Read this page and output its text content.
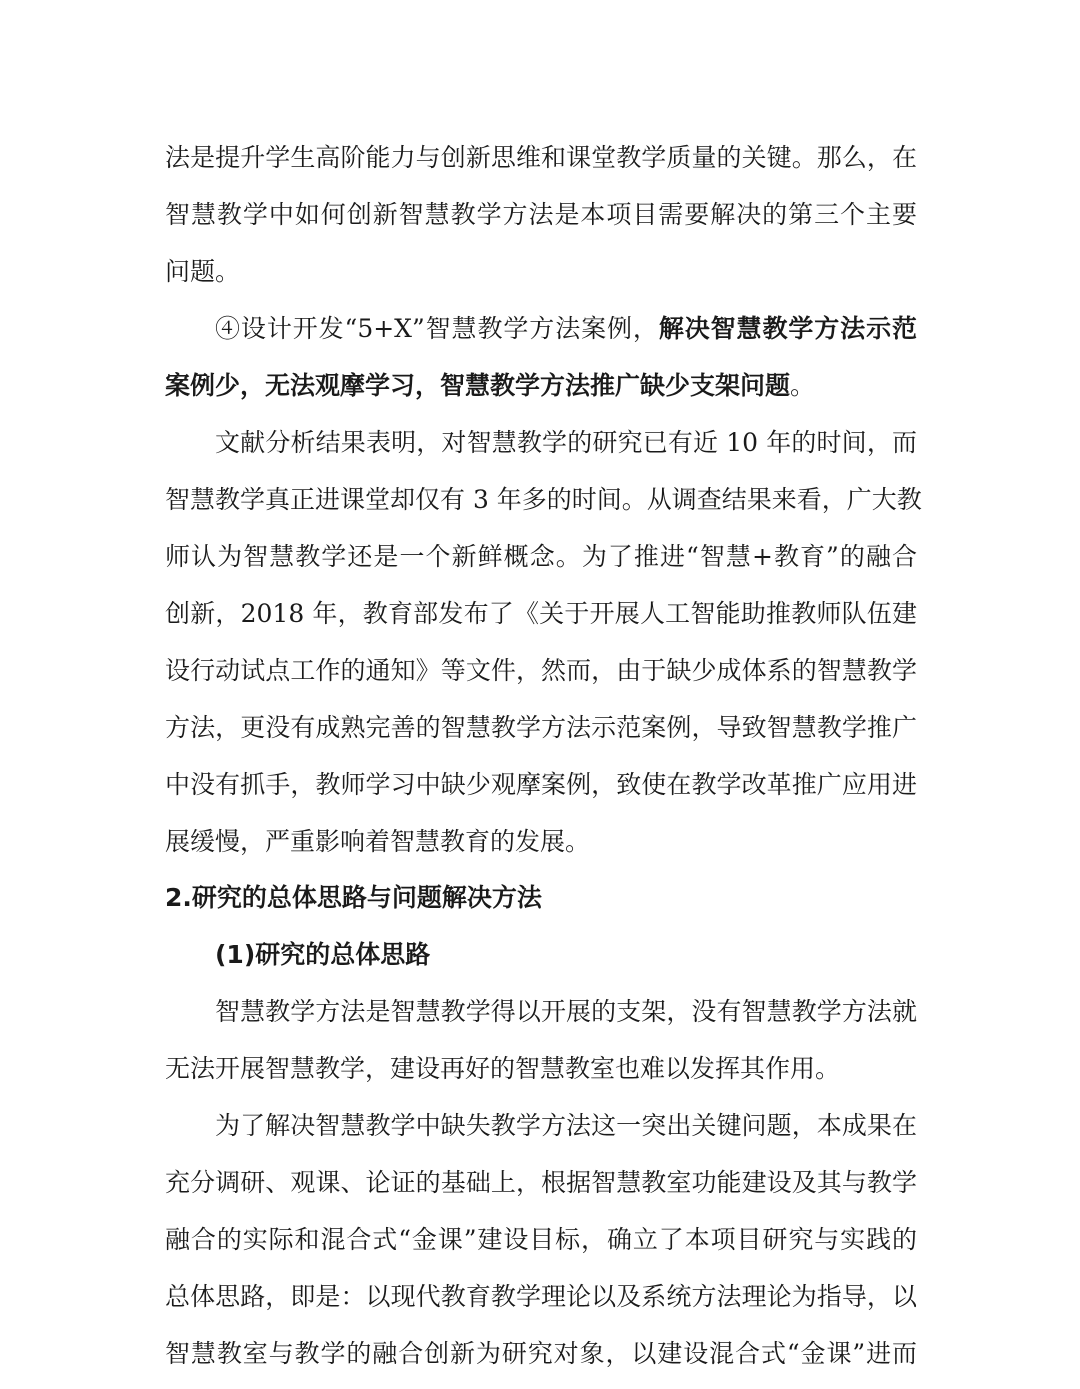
法是提升学生高阶能力与创新思维和课堂教学质量的关键。那么，在
智慧教学中如何创新智慧教学方法是本项目需要解决的第三个主要
问题。
④设计开发“5+X”智慧教学方法案例，解决智慧教学方法示范
案例少，无法观摩学习，智慧教学方法推广缺少支架问题。
文献分析结果表明，对智慧教学的研究已有近 10 年的时间，而
智慧教学真正进课堂却仅有 3 年多的时间。从调查结果来看，广大教
师认为智慧教学还是一个新鲜概念。为了推进“智慧+教育”的融合
创新，2018 年，教育部发布了《关于开展人工智能助推教师队伍建
设行动试点工作的通知》等文件，然而，由于缺少成体系的智慧教学
方法，更没有成熟完善的智慧教学方法示范案例，导致智慧教学推广
中没有抓手，教师学习中缺少观摩案例，致使在教学改革推广应用进
展缓慢，严重影响着智慧教育的发展。
2.研究的总体思路与问题解决方法
(1)研究的总体思路
智慧教学方法是智慧教学得以开展的支架，没有智慧教学方法就
无法开展智慧教学，建设再好的智慧教室也难以发挥其作用。
为了解决智慧教学中缺失教学方法这一突出关键问题，本成果在
充分调研、观课、论证的基础上，根据智慧教室功能建设及其与教学
融合的实际和混合式“金课”建设目标，确立了本项目研究与实践的
总体思路，即是：以现代教育教学理论以及系统方法理论为指导，以
智慧教室与教学的融合创新为研究对象，以建设混合式“金课”进而
